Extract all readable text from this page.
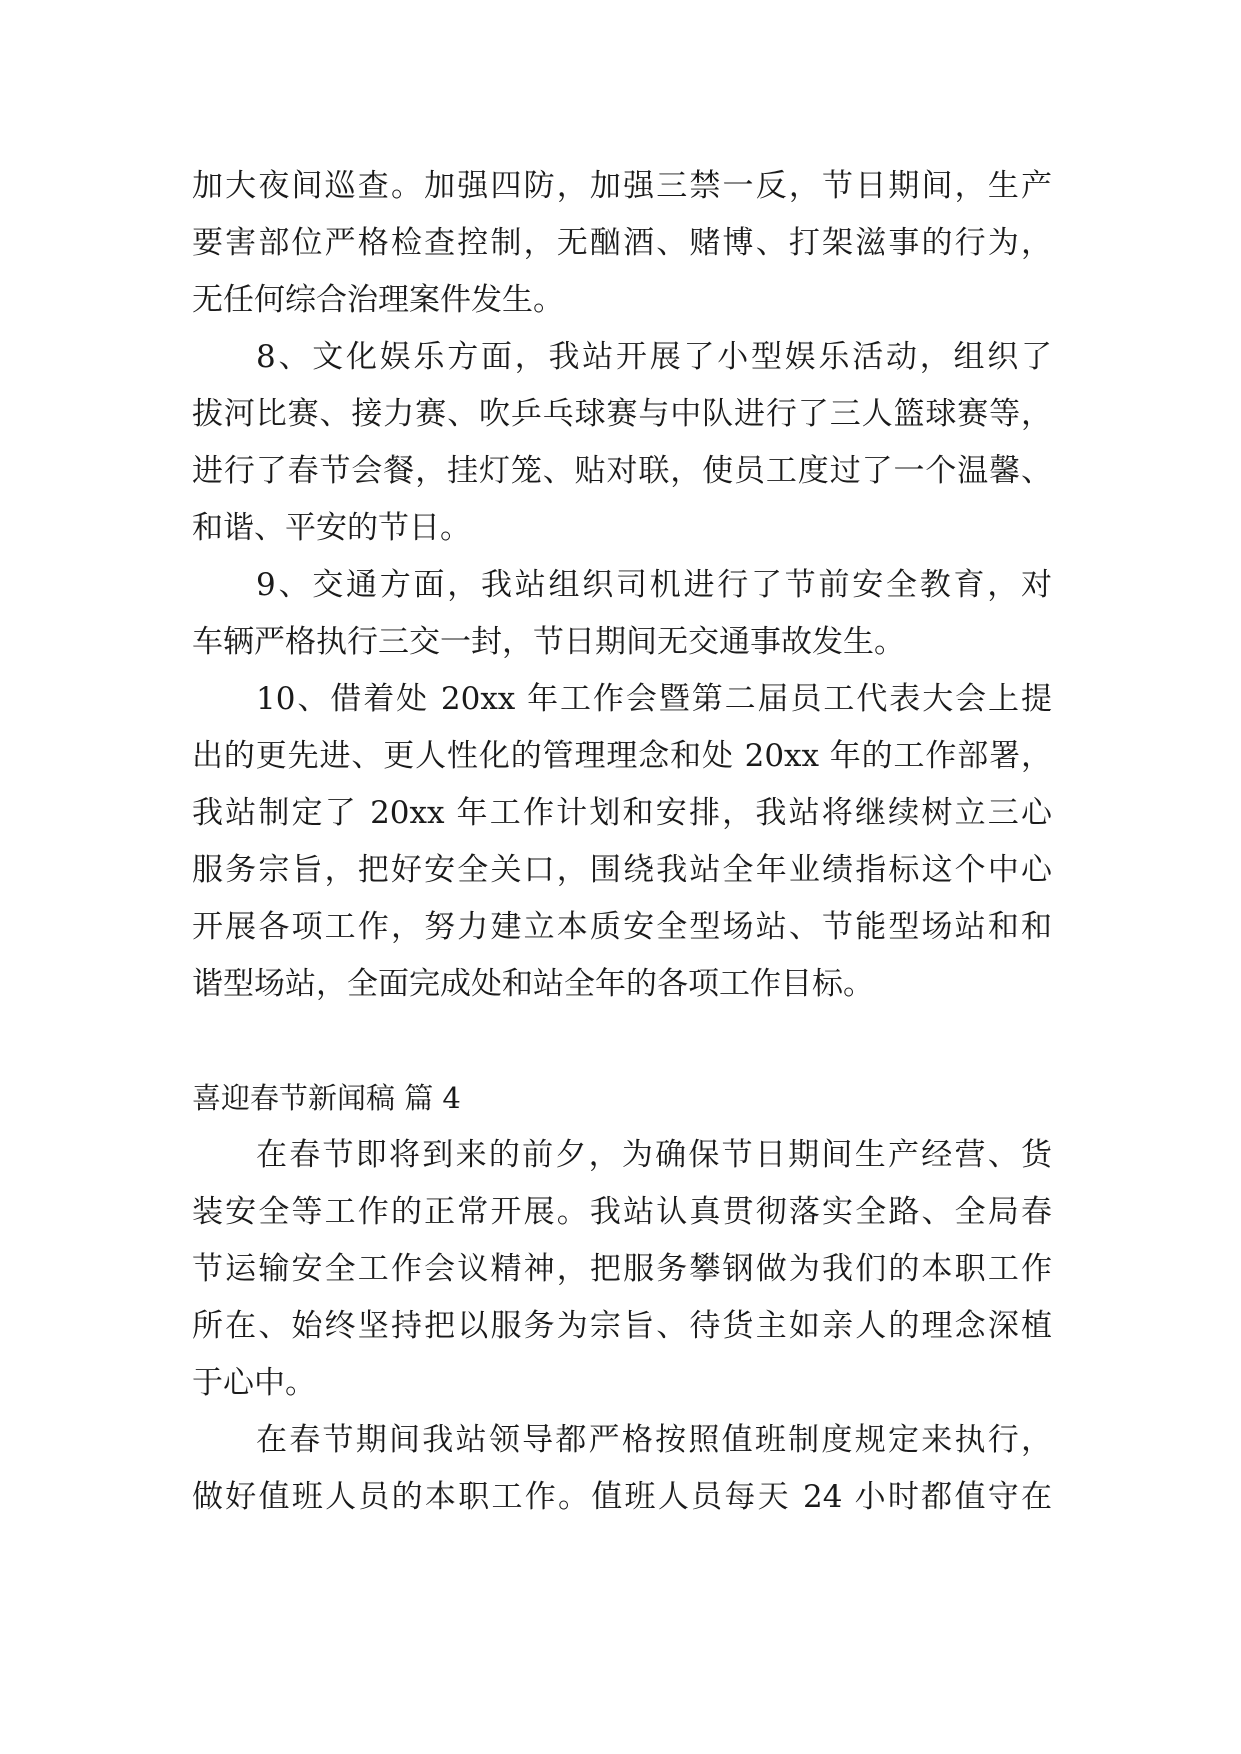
加大夜间巡查。加强四防，加强三禁一反，节日期间，生产
要害部位严格检查控制，无酗酒、赌博、打架滋事的行为，
无任何综合治理案件发生。
8、文化娱乐方面，我站开展了小型娱乐活动，组织了
拔河比赛、接力赛、吹乒乓球赛与中队进行了三人篮球赛等，
进行了春节会餐，挂灯笼、贴对联，使员工度过了一个温馨、
和谐、平安的节日。
9、交通方面，我站组织司机进行了节前安全教育，对
车辆严格执行三交一封，节日期间无交通事故发生。
10、借着处 20xx 年工作会暨第二届员工代表大会上提
出的更先进、更人性化的管理理念和处 20xx 年的工作部署，
我站制定了 20xx 年工作计划和安排，我站将继续树立三心
服务宗旨，把好安全关口，围绕我站全年业绩指标这个中心
开展各项工作，努力建立本质安全型场站、节能型场站和和
谐型场站，全面完成处和站全年的各项工作目标。
喜迎春节新闻稿 篇 4
在春节即将到来的前夕，为确保节日期间生产经营、货
装安全等工作的正常开展。我站认真贯彻落实全路、全局春
节运输安全工作会议精神，把服务攀钢做为我们的本职工作
所在、始终坚持把以服务为宗旨、待货主如亲人的理念深植
于心中。
在春节期间我站领导都严格按照值班制度规定来执行，
做好值班人员的本职工作。值班人员每天 24 小时都值守在
